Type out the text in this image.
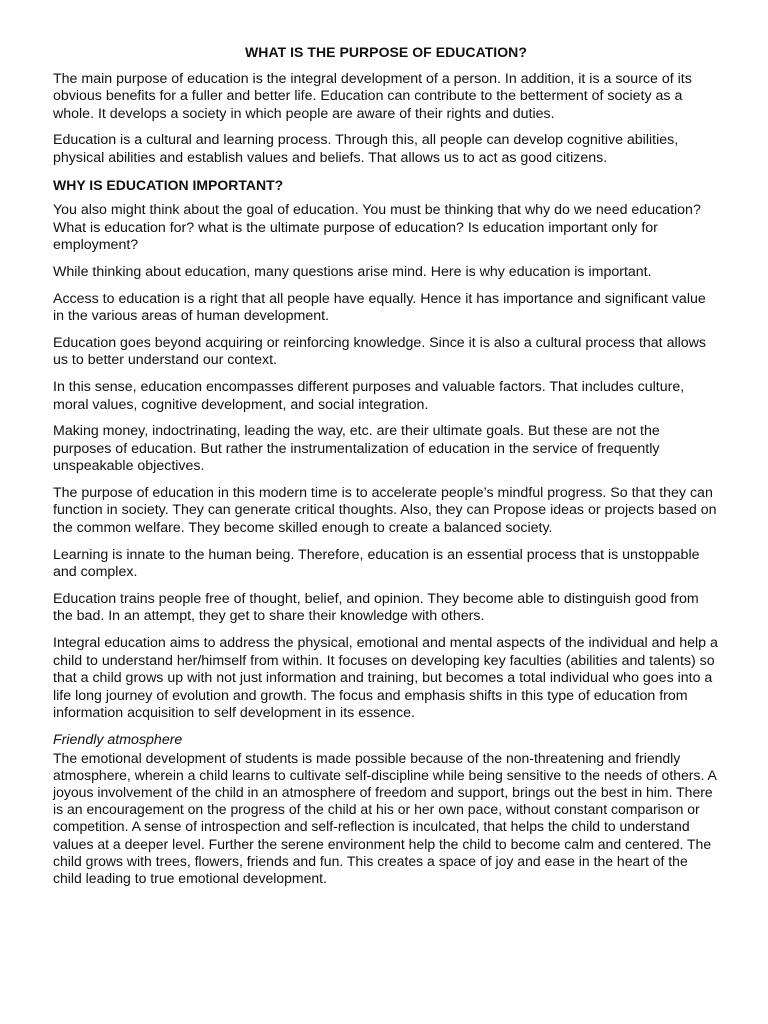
WHAT IS THE PURPOSE OF EDUCATION?

The main purpose of education is the integral development of a person. In addition, it is a source of its obvious benefits for a fuller and better life. Education can contribute to the betterment of society as a whole. It develops a society in which people are aware of their rights and duties.

Education is a cultural and learning process. Through this, all people can develop cognitive abilities, physical abilities and establish values and beliefs. That allows us to act as good citizens.

WHY IS EDUCATION IMPORTANT?

You also might think about the goal of education. You must be thinking that why do we need education? What is education for? what is the ultimate purpose of education? Is education important only for employment?

While thinking about education, many questions arise mind. Here is why education is important.

Access to education is a right that all people have equally. Hence it has importance and significant value in the various areas of human development.

Education goes beyond acquiring or reinforcing knowledge. Since it is also a cultural process that allows us to better understand our context.

In this sense, education encompasses different purposes and valuable factors. That includes culture, moral values, cognitive development, and social integration.

Making money, indoctrinating, leading the way, etc. are their ultimate goals. But these are not the purposes of education. But rather the instrumentalization of education in the service of frequently unspeakable objectives.

The purpose of education in this modern time is to accelerate people’s mindful progress. So that they can function in society. They can generate critical thoughts. Also, they can Propose ideas or projects based on the common welfare. They become skilled enough to create a balanced society.

Learning is innate to the human being. Therefore, education is an essential process that is unstoppable and complex.

Education trains people free of thought, belief, and opinion. They become able to distinguish good from the bad. In an attempt, they get to share their knowledge with others.

Integral education aims to address the physical, emotional and mental aspects of the individual and help a child to understand her/himself from within. It focuses on developing key faculties (abilities and talents) so that a child grows up with not just information and training, but becomes a total individual who goes into a life long journey of evolution and growth. The focus and emphasis shifts in this type of education from information acquisition to self development in its essence.

Friendly atmosphere

The emotional development of students is made possible because of the non-threatening and friendly atmosphere, wherein a child learns to cultivate self-discipline while being sensitive to the needs of others. A joyous involvement of the child in an atmosphere of freedom and support, brings out the best in him. There is an encouragement on the progress of the child at his or her own pace, without constant comparison or competition. A sense of introspection and self-reflection is inculcated, that helps the child to understand values at a deeper level. Further the serene environment help the child to become calm and centered. The child grows with trees, flowers, friends and fun. This creates a space of joy and ease in the heart of the child leading to true emotional development.
